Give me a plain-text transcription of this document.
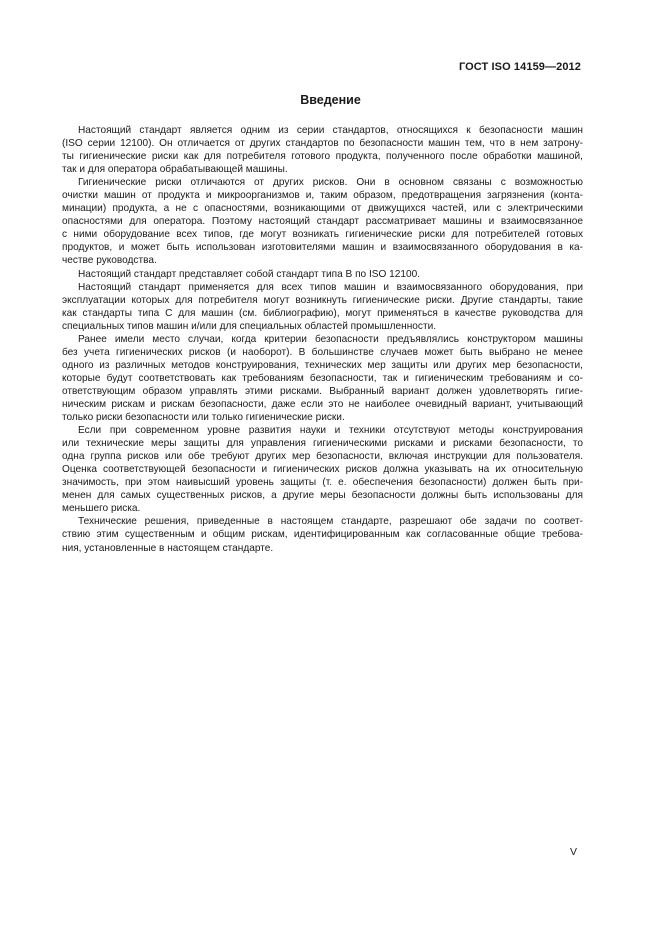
ГОСТ ISO 14159—2012
Введение

Настоящий стандарт является одним из серии стандартов, относящихся к безопасности машин
(ISO серии 12100). Он отличается от других стандартов по безопасности машин тем, что в нем затрону-
ты гигиенические риски как для потребителя готового продукта, полученного после обработки машиной,
так и для оператора обрабатывающей машины.

Гигиенические риски отличаются от других рисков. Они в основном связаны с возможностью
очистки машин от продукта и микроорганизмов и, таким образом, предотвращения загрязнения (конта-
минации) продукта, а не с опасностями, возникающими от движущихся частей, или с электрическими
опасностями для оператора. Поэтому настоящий стандарт рассматривает машины и взаимосвязанное
с ними оборудование всех типов, где могут возникать гигиенические риски для потребителей готовых
продуктов, и может быть использован изготовителями машин и взаимосвязанного оборудования в ка-
честве руководства.

Настоящий стандарт представляет собой стандарт типа В по ISO 12100.

Настоящий стандарт применяется для всех типов машин и взаимосвязанного оборудования, при
эксплуатации которых для потребителя могут возникнуть гигиенические риски. Другие стандарты, такие
как стандарты типа С для машин (см. библиографию), могут применяться в качестве руководства для
специальных типов машин и/или для специальных областей промышленности.

Ранее имели место случаи, когда критерии безопасности предъявлялись конструктором машины
без учета гигиенических рисков (и наоборот). В большинстве случаев может быть выбрано не менее
одного из различных методов конструирования, технических мер защиты или других мер безопасности,
которые будут соответствовать как требованиям безопасности, так и гигиеническим требованиям и со-
ответствующим образом управлять этими рисками. Выбранный вариант должен удовлетворять гигие-
ническим рискам и рискам безопасности, даже если это не наиболее очевидный вариант, учитывающий
только риски безопасности или только гигиенические риски.

Если при современном уровне развития науки и техники отсутствуют методы конструирования
или технические меры защиты для управления гигиеническими рисками и рисками безопасности, то
одна группа рисков или обе требуют других мер безопасности, включая инструкции для пользователя.
Оценка соответствующей безопасности и гигиенических рисков должна указывать на их относительную
значимость, при этом наивысший уровень защиты (т. е. обеспечения безопасности) должен быть при-
менен для самых существенных рисков, а другие меры безопасности должны быть использованы для
меньшего риска.

Технические решения, приведенные в настоящем стандарте, разрешают обе задачи по соответ-
ствию этим существенным и общим рискам, идентифицированным как согласованные общие требова-
ния, установленные в настоящем стандарте.

V
